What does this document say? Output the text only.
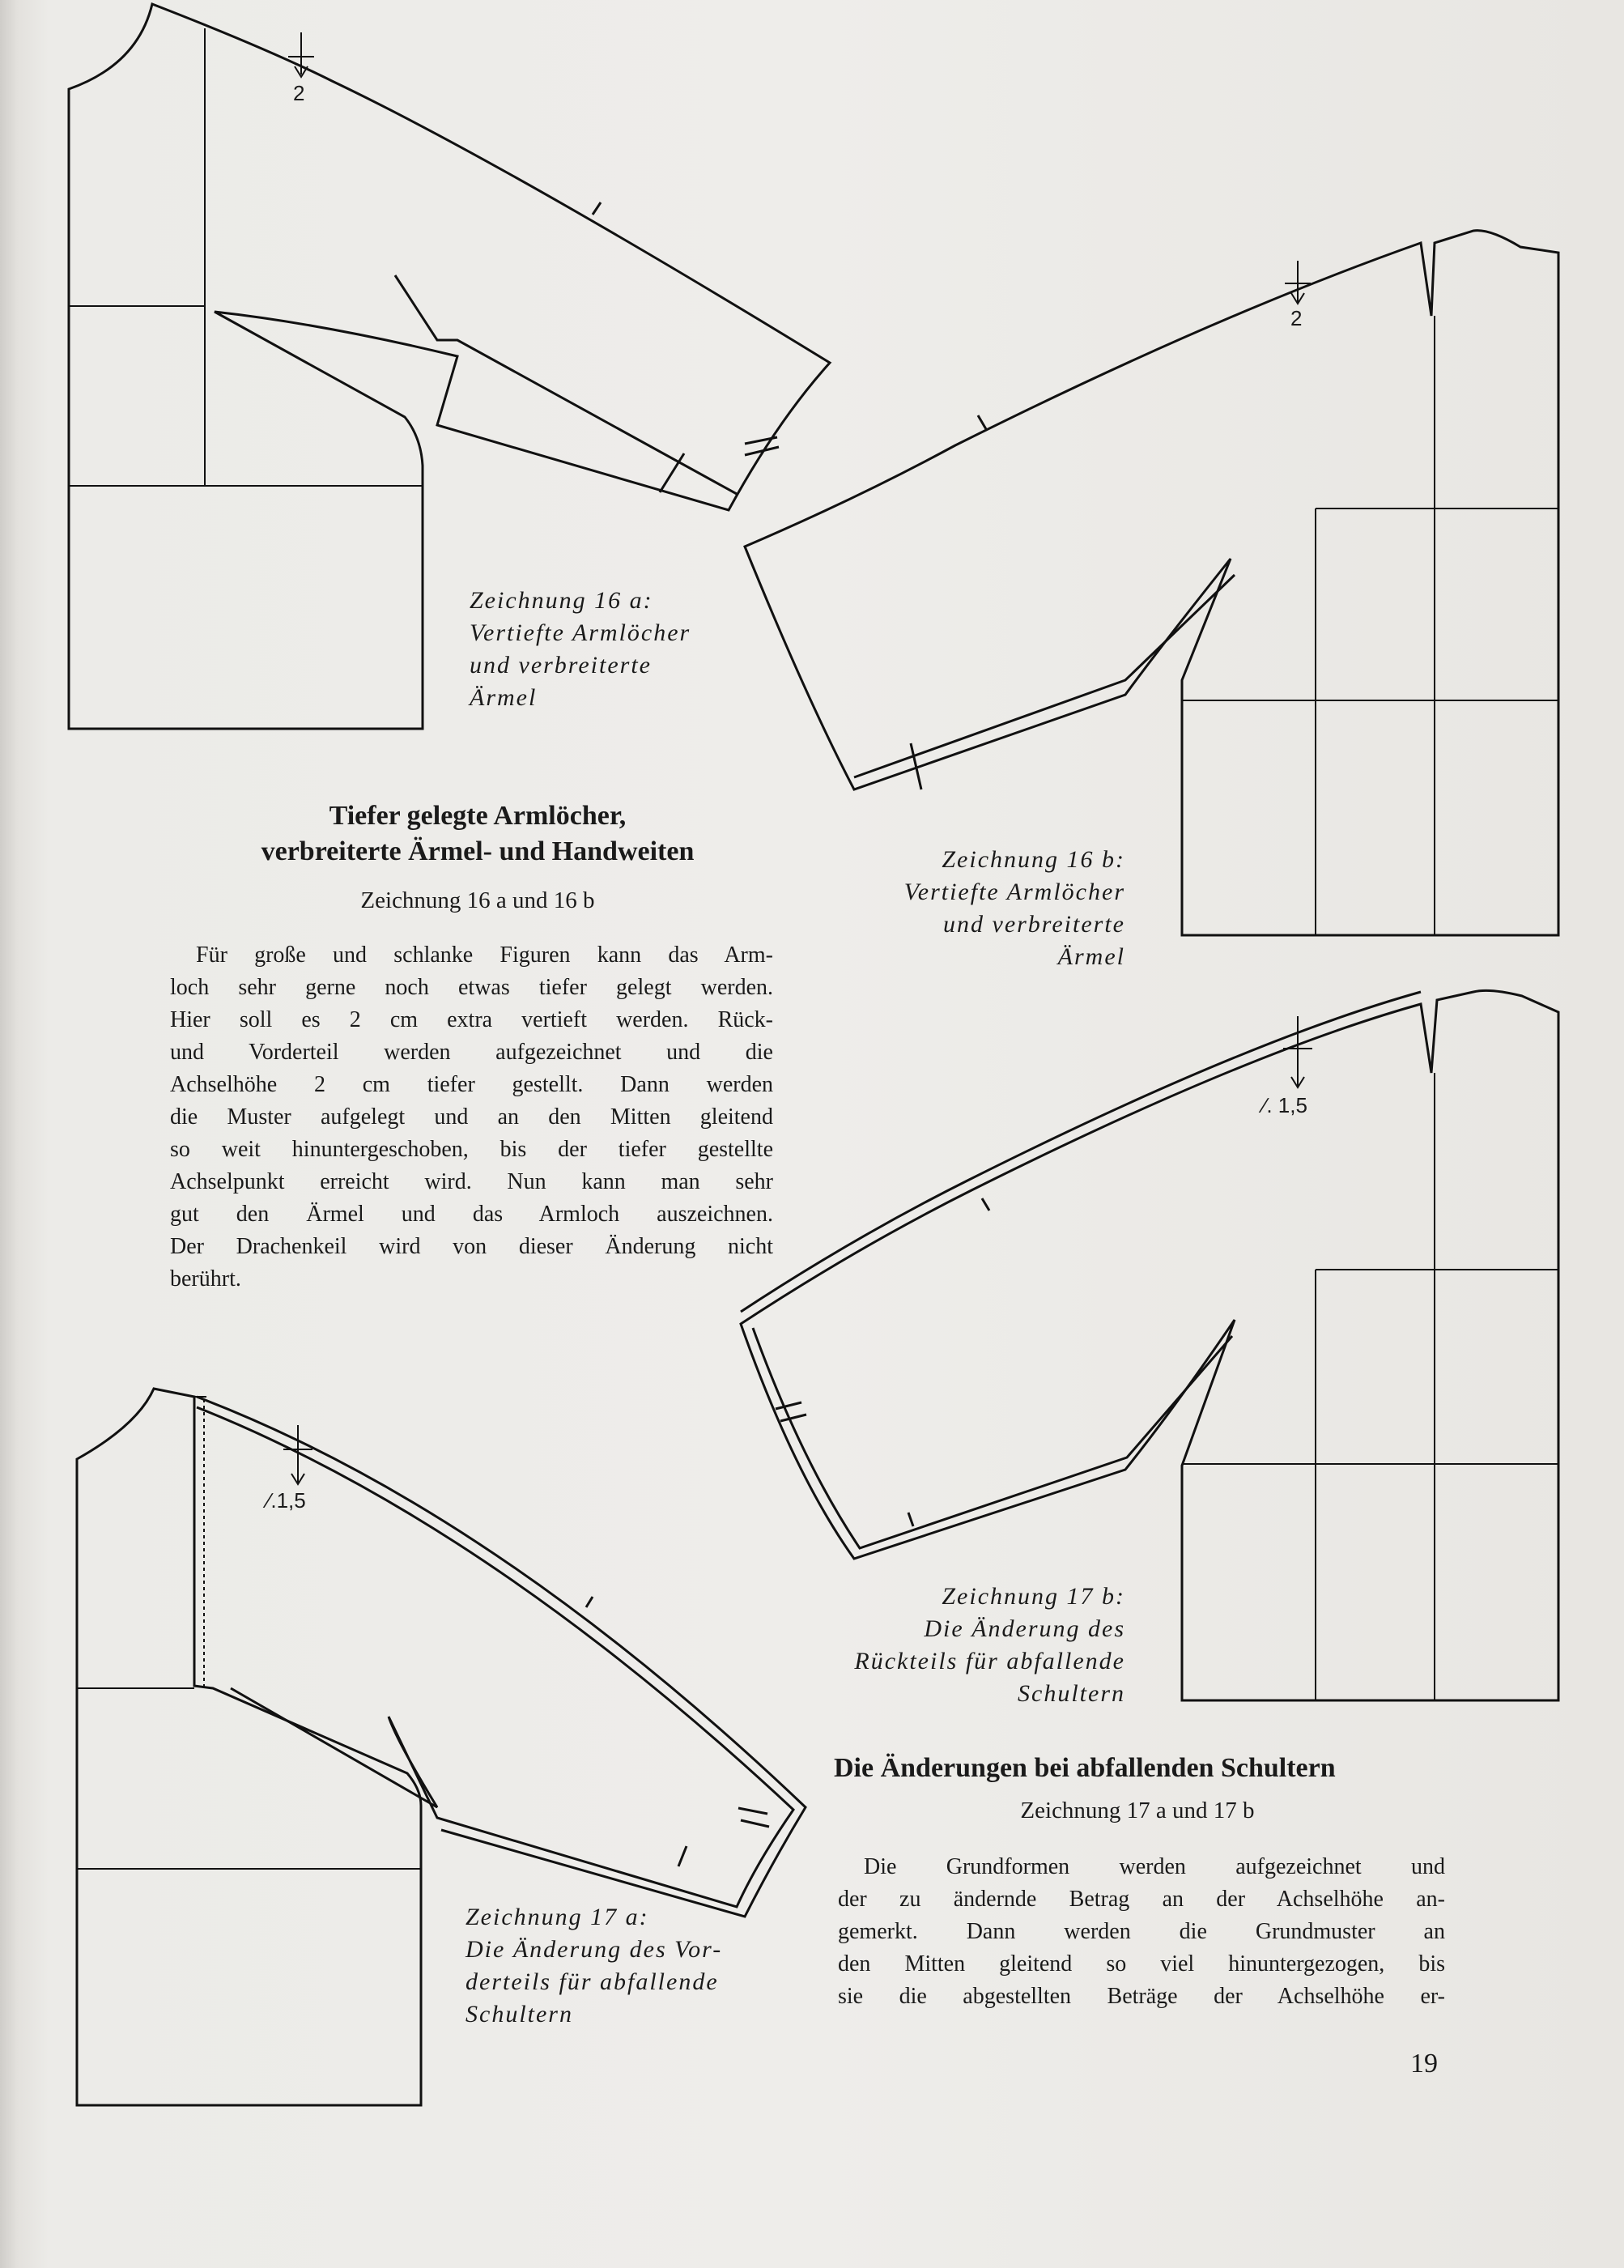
2
2
∕. 1,5
∕.1,5
Zeichnung 16 a:
Vertiefte Armlöcher
und verbreiterte
Ärmel
Zeichnung 16 b:
Vertiefte Armlöcher
und verbreiterte
Ärmel
Tiefer gelegte Armlöcher,
verbreiterte Ärmel- und Handweiten
Zeichnung 16 a und 16 b
Für große und schlanke Figuren kann das Arm-
loch sehr gerne noch etwas tiefer gelegt werden.
Hier soll es 2 cm extra vertieft werden. Rück-
und Vorderteil werden aufgezeichnet und die
Achselhöhe 2 cm tiefer gestellt. Dann werden
die Muster aufgelegt und an den Mitten gleitend
so weit hinuntergeschoben, bis der tiefer gestellte
Achselpunkt erreicht wird. Nun kann man sehr
gut den Ärmel und das Armloch auszeichnen.
Der Drachenkeil wird von dieser Änderung nicht
berührt.
Zeichnung 17 b:
Die Änderung des
Rückteils für abfallende
Schultern
Zeichnung 17 a:
Die Änderung des Vor-
derteils für abfallende
Schultern
Die Änderungen bei abfallenden Schultern
Zeichnung 17 a und 17 b
Die Grundformen werden aufgezeichnet und
der zu ändernde Betrag an der Achselhöhe an-
gemerkt. Dann werden die Grundmuster an
den Mitten gleitend so viel hinuntergezogen, bis
sie die abgestellten Beträge der Achselhöhe er-
19
